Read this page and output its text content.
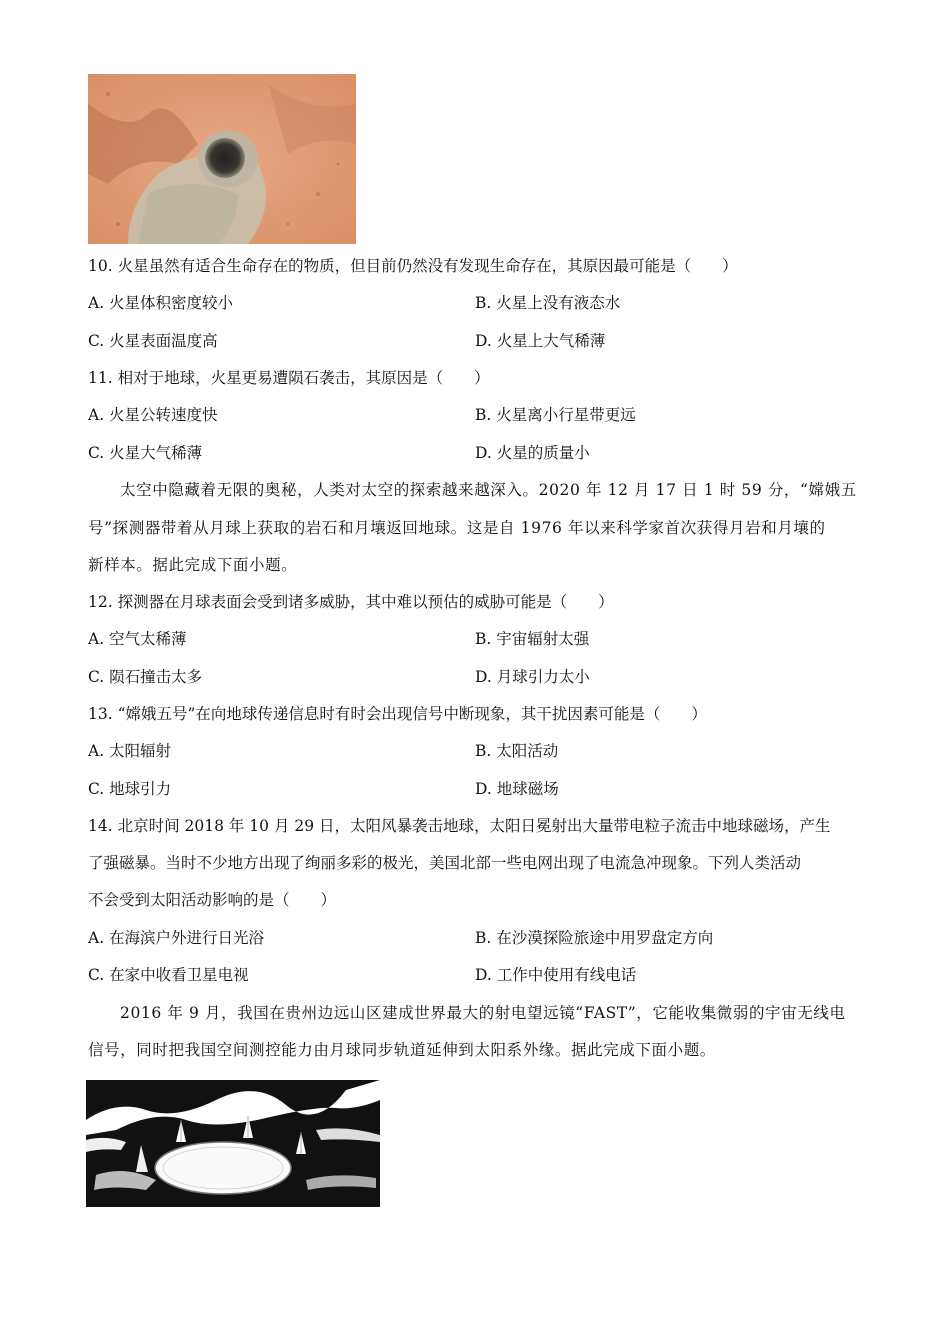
10. 火星虽然有适合生命存在的物质，但目前仍然没有发现生命存在，其原因最可能是（　　）
A. 火星体积密度较小	B. 火星上没有液态水
C. 火星表面温度高	D. 火星上大气稀薄
11. 相对于地球，火星更易遭陨石袭击，其原因是（　　）
A. 火星公转速度快	B. 火星离小行星带更远
C. 火星大气稀薄	D. 火星的质量小
太空中隐藏着无限的奥秘，人类对太空的探索越来越深入。2020 年 12 月 17 日 1 时 59 分，“嫦娥五
号”探测器带着从月球上获取的岩石和月壤返回地球。这是自 1976 年以来科学家首次获得月岩和月壤的
新样本。据此完成下面小题。
12. 探测器在月球表面会受到诸多威胁，其中难以预估的威胁可能是（　　）
A. 空气太稀薄	B. 宇宙辐射太强
C. 陨石撞击太多	D. 月球引力太小
13. “嫦娥五号”在向地球传递信息时有时会出现信号中断现象，其干扰因素可能是（　　）
A. 太阳辐射	B. 太阳活动
C. 地球引力	D. 地球磁场
14. 北京时间 2018 年 10 月 29 日，太阳风暴袭击地球，太阳日冕射出大量带电粒子流击中地球磁场，产生
了强磁暴。当时不少地方出现了绚丽多彩的极光，美国北部一些电网出现了电流急冲现象。下列人类活动
不会受到太阳活动影响的是（　　）
A. 在海滨户外进行日光浴	B. 在沙漠探险旅途中用罗盘定方向
C. 在家中收看卫星电视	D. 工作中使用有线电话
2016 年 9 月，我国在贵州边远山区建成世界最大的射电望远镜“FAST”，它能收集微弱的宇宙无线电
信号，同时把我国空间测控能力由月球同步轨道延伸到太阳系外缘。据此完成下面小题。
